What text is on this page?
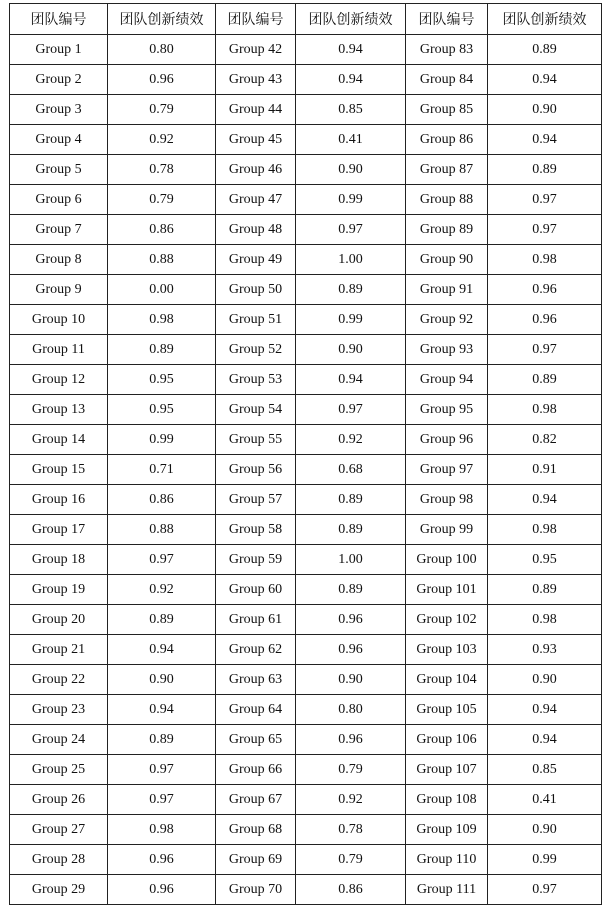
团队编号	团队创新绩效	团队编号	团队创新绩效	团队编号	团队创新绩效
Group 1	0.80	Group 42	0.94	Group 83	0.89
Group 2	0.96	Group 43	0.94	Group 84	0.94
Group 3	0.79	Group 44	0.85	Group 85	0.90
Group 4	0.92	Group 45	0.41	Group 86	0.94
Group 5	0.78	Group 46	0.90	Group 87	0.89
Group 6	0.79	Group 47	0.99	Group 88	0.97
Group 7	0.86	Group 48	0.97	Group 89	0.97
Group 8	0.88	Group 49	1.00	Group 90	0.98
Group 9	0.00	Group 50	0.89	Group 91	0.96
Group 10	0.98	Group 51	0.99	Group 92	0.96
Group 11	0.89	Group 52	0.90	Group 93	0.97
Group 12	0.95	Group 53	0.94	Group 94	0.89
Group 13	0.95	Group 54	0.97	Group 95	0.98
Group 14	0.99	Group 55	0.92	Group 96	0.82
Group 15	0.71	Group 56	0.68	Group 97	0.91
Group 16	0.86	Group 57	0.89	Group 98	0.94
Group 17	0.88	Group 58	0.89	Group 99	0.98
Group 18	0.97	Group 59	1.00	Group 100	0.95
Group 19	0.92	Group 60	0.89	Group 101	0.89
Group 20	0.89	Group 61	0.96	Group 102	0.98
Group 21	0.94	Group 62	0.96	Group 103	0.93
Group 22	0.90	Group 63	0.90	Group 104	0.90
Group 23	0.94	Group 64	0.80	Group 105	0.94
Group 24	0.89	Group 65	0.96	Group 106	0.94
Group 25	0.97	Group 66	0.79	Group 107	0.85
Group 26	0.97	Group 67	0.92	Group 108	0.41
Group 27	0.98	Group 68	0.78	Group 109	0.90
Group 28	0.96	Group 69	0.79	Group 110	0.99
Group 29	0.96	Group 70	0.86	Group 111	0.97
